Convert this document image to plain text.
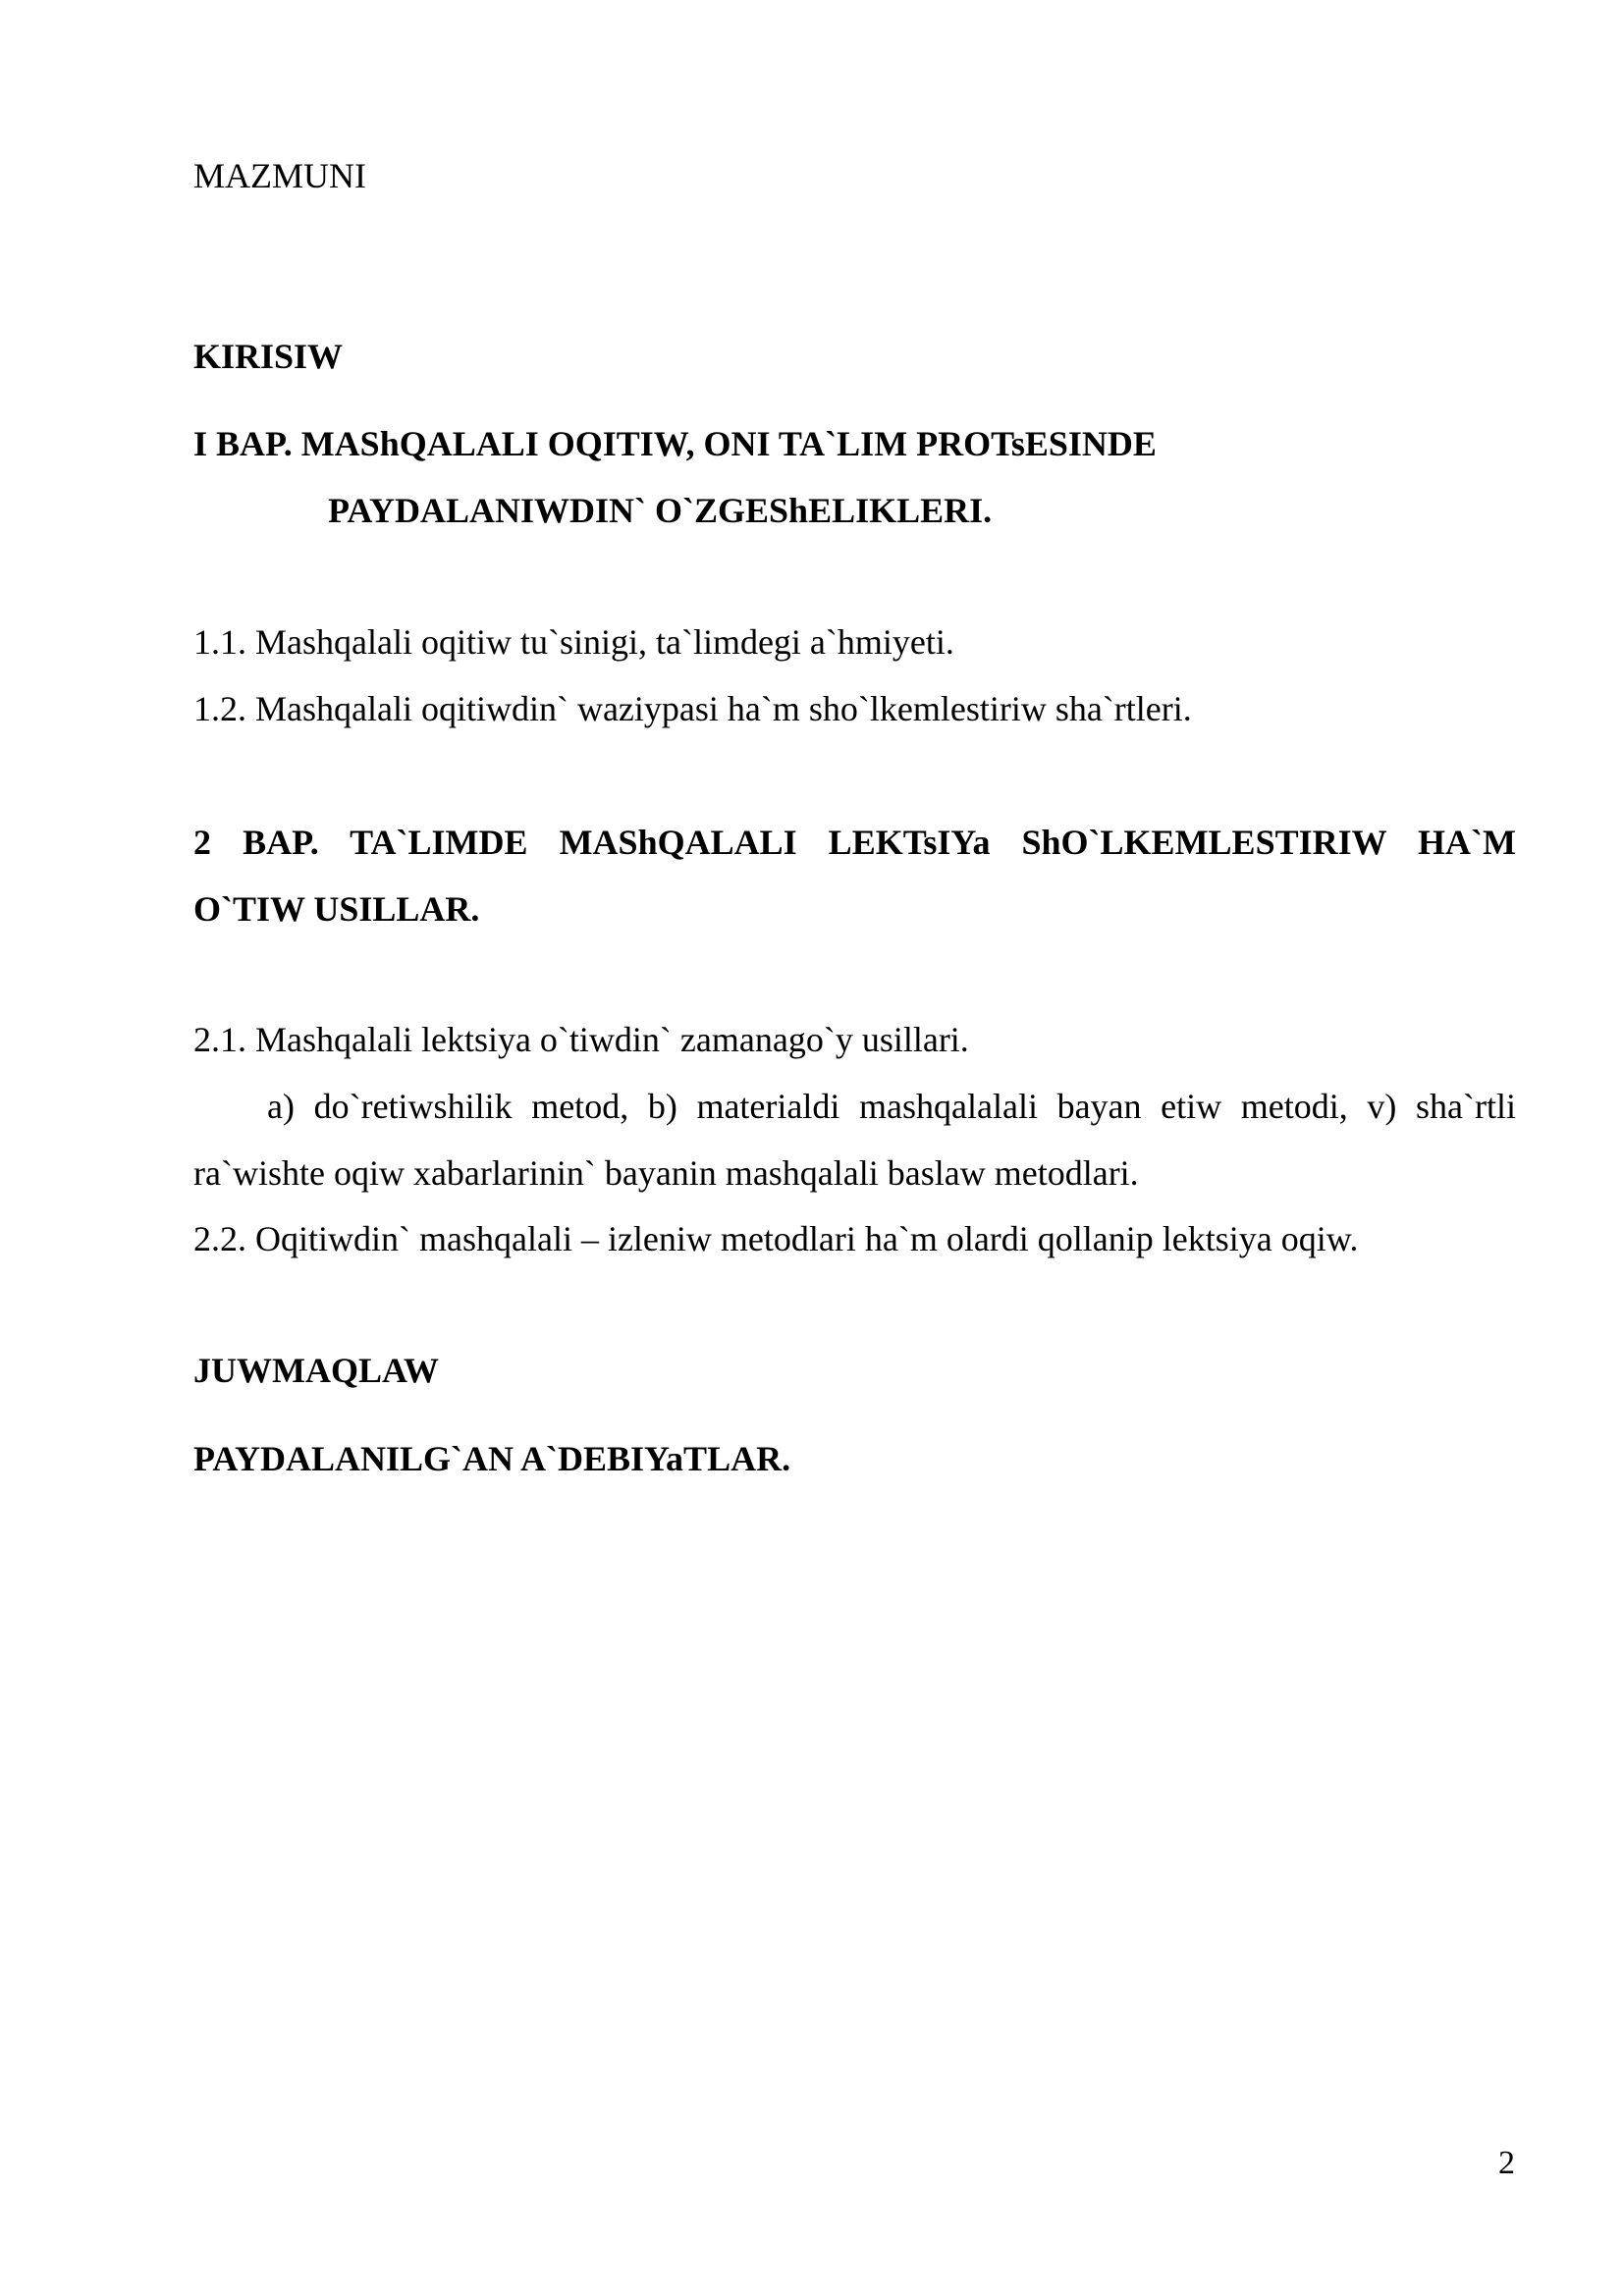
MAZMUNI

KIRISIW

I BAP. MAShQALALI OQITIW, ONI TA`LIM PROTsESINDE

PAYDALANIWDIN` O`ZGEShELIKLERI.

1.1. Mashqalali oqitiw tu`sinigi, ta`limdegi a`hmiyeti.

1.2. Mashqalali oqitiwdin` waziypasi ha`m sho`lkemlestiriw sha`rtleri.

2 BAP. TA`LIMDE MAShQALALI LEKTsIYa ShO`LKEMLESTIRIW HA`M

O`TIW USILLAR.

2.1. Mashqalali lektsiya o`tiwdin` zamanago`y usillari.

a) do`retiwshilik metod, b) materialdi mashqalalali bayan etiw metodi, v) sha`rtli

ra`wishte oqiw xabarlarinin` bayanin mashqalali baslaw metodlari.

2.2. Oqitiwdin` mashqalali – izleniw metodlari ha`m olardi qollanip lektsiya oqiw.

JUWMAQLAW

PAYDALANILG`AN A`DEBIYaTLAR.

2
